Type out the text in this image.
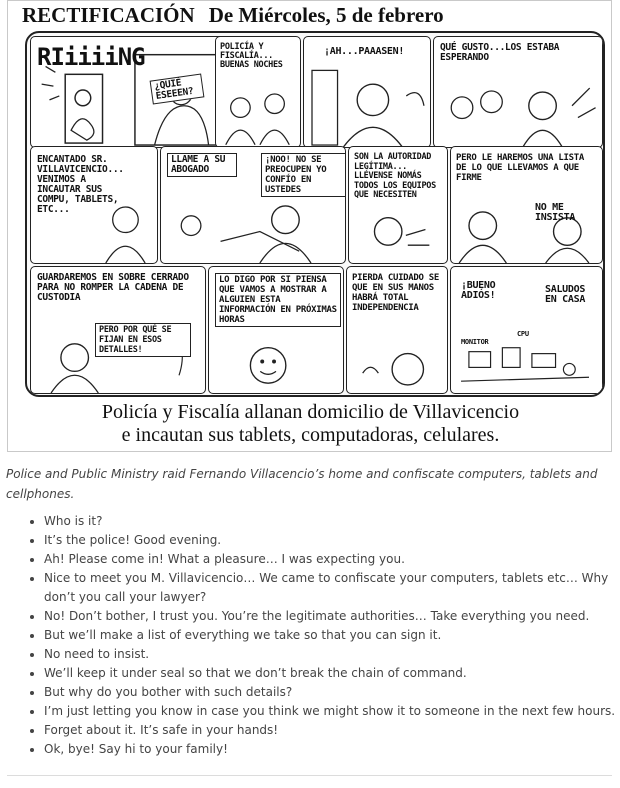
RECTIFICACIÓN De Miércoles, 5 de febrero
RIiiiiNG
¿QUIÉ ESEEEN?
POLICÍA Y FISCALÍA... BUENAS NOCHES
¡AH...PAAASEN!	QUÉ GUSTO...LOS ESTABA ESPERANDO
ENCANTADO SR. VILLAVICENCIO... VENIMOS A INCAUTAR SUS COMPU, TABLETS, ETC...
LLAME A SU ABOGADO
¡NOO! NO SE PREOCUPEN YO CONFÍO EN USTEDES
SON LA AUTORIDAD LEGÍTIMA... LLÉVENSE NOMÁS TODOS LOS EQUIPOS QUE NECESITEN
PERO LE HAREMOS UNA LISTA DE LO QUE LLEVAMOS A QUE FIRME
NO ME INSISTA
GUARDAREMOS EN SOBRE CERRADO PARA NO ROMPER LA CADENA DE CUSTODIA
PERO POR QUÉ SE FIJAN EN ESOS DETALLES!
LO DIGO POR SI PIENSA QUE VAMOS A MOSTRAR A ALGUIEN ESTA INFORMACIÓN EN PRÓXIMAS HORAS
PIERDA CUIDADO SE QUE EN SUS MANOS HABRÁ TOTAL INDEPENDENCIA
¡BUENO ADIÓS!
SALUDOS EN CASA
MONITOR
CPU
Policía y Fiscalía allanan domicilio de Villavicencio
e incautan sus tablets, computadoras, celulares.
Police and Public Ministry raid Fernando Villacencio’s home and confiscate computers, tablets and cellphones.
• Who is it?
• It’s the police! Good evening.
• Ah! Please come in! What a pleasure… I was expecting you.
• Nice to meet you M. Villavicencio… We came to confiscate your computers, tablets etc… Why don’t you call your lawyer?
• No! Don’t bother, I trust you. You’re the legitimate authorities… Take everything you need.
• But we’ll make a list of everything we take so that you can sign it.
• No need to insist.
• We’ll keep it under seal so that we don’t break the chain of command.
• But why do you bother with such details?
• I’m just letting you know in case you think we might show it to someone in the next few hours.
• Forget about it. It’s safe in your hands!
• Ok, bye! Say hi to your family!
